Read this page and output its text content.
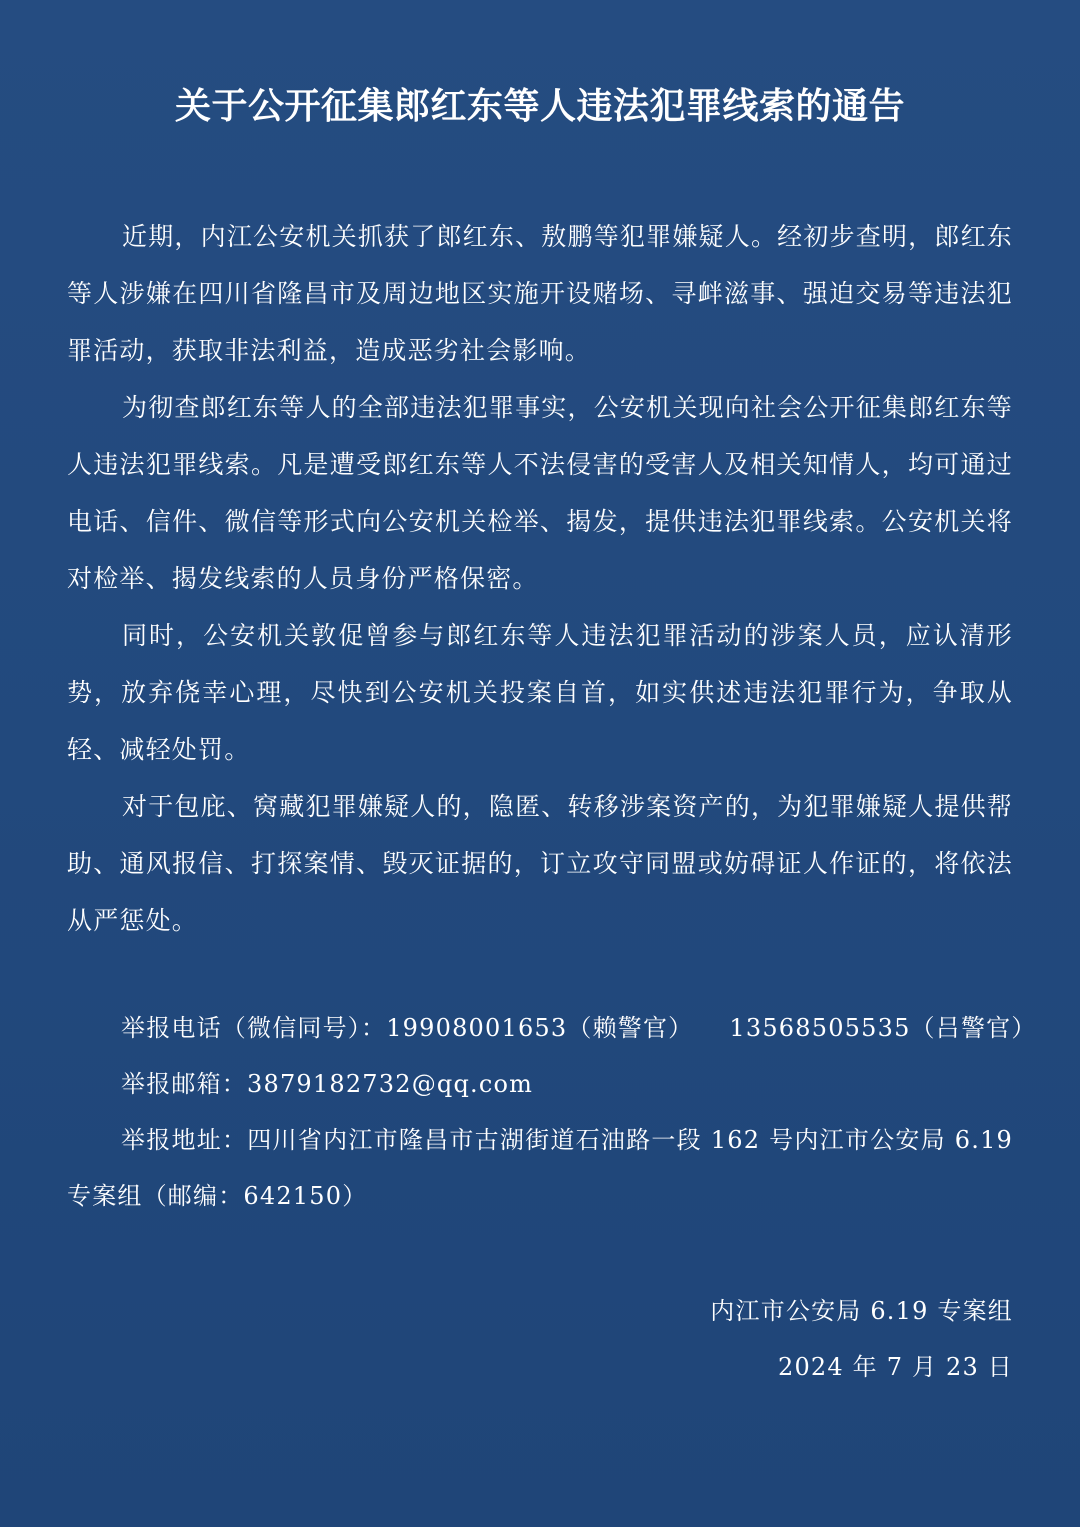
关于公开征集郎红东等人违法犯罪线索的通告

近期，内江公安机关抓获了郎红东、敖鹏等犯罪嫌疑人。经初步查明，郎红东等人涉嫌在四川省隆昌市及周边地区实施开设赌场、寻衅滋事、强迫交易等违法犯罪活动，获取非法利益，造成恶劣社会影响。

为彻查郎红东等人的全部违法犯罪事实，公安机关现向社会公开征集郎红东等人违法犯罪线索。凡是遭受郎红东等人不法侵害的受害人及相关知情人，均可通过电话、信件、微信等形式向公安机关检举、揭发，提供违法犯罪线索。公安机关将对检举、揭发线索的人员身份严格保密。

同时，公安机关敦促曾参与郎红东等人违法犯罪活动的涉案人员，应认清形势，放弃侥幸心理，尽快到公安机关投案自首，如实供述违法犯罪行为，争取从轻、减轻处罚。

对于包庇、窝藏犯罪嫌疑人的，隐匿、转移涉案资产的，为犯罪嫌疑人提供帮助、通风报信、打探案情、毁灭证据的，订立攻守同盟或妨碍证人作证的，将依法从严惩处。

举报电话（微信同号）：19908001653（赖警官） 13568505535（吕警官）

举报邮箱：3879182732@qq.com

举报地址：四川省内江市隆昌市古湖街道石油路一段 162 号内江市公安局 6.19 专案组（邮编：642150）

内江市公安局 6.19 专案组

2024 年 7 月 23 日
